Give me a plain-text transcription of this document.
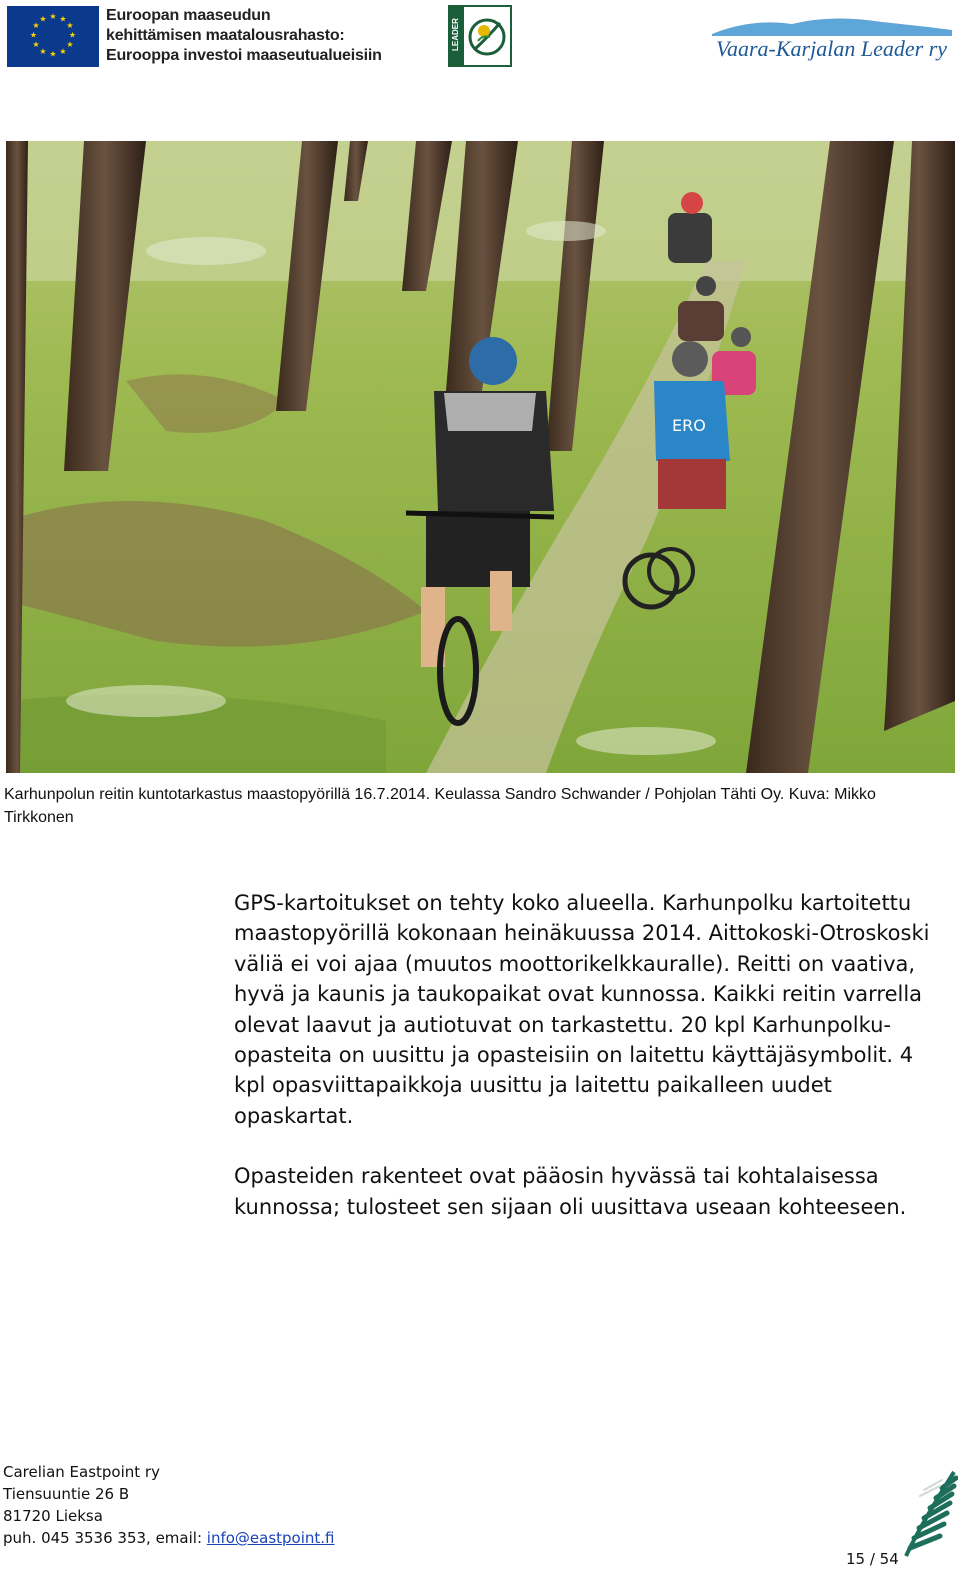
★ ★
★
★
★
★
★
★
★
★
★
★	Euroopan maaseudun
kehittämisen maatalousrahasto:
Eurooppa investoi maaseutualueisiin
LEADER	Vaara-Karjalan Leader ry
ERO
Karhunpolun reitin kuntotarkastus maastopyörillä 16.7.2014. Keulassa Sandro Schwander / Pohjolan Tähti Oy. Kuva: Mikko Tirkkonen

GPS-kartoitukset on tehty koko alueella. Karhunpolku kartoitettu maastopyörillä kokonaan heinäkuussa 2014. Aittokoski-Otroskoski väliä ei voi ajaa (muutos moottorikelkkauralle). Reitti on vaativa, hyvä ja kaunis ja taukopaikat ovat kunnossa. Kaikki reitin varrella olevat laavut ja autiotuvat on tarkastettu. 20 kpl Karhunpolku-opasteita on uusittu ja opasteisiin on laitettu käyttäjäsymbolit. 4 kpl opasviittapaikkoja uusittu ja laitettu paikalleen uudet opaskartat.

Opasteiden rakenteet ovat pääosin hyvässä tai kohtalaisessa kunnossa; tulosteet sen sijaan oli uusittava useaan kohteeseen.

Carelian Eastpoint ry
Tiensuuntie 26 B
81720 Lieksa
puh. 045 3536 353, email: info@eastpoint.fi
15 / 54
